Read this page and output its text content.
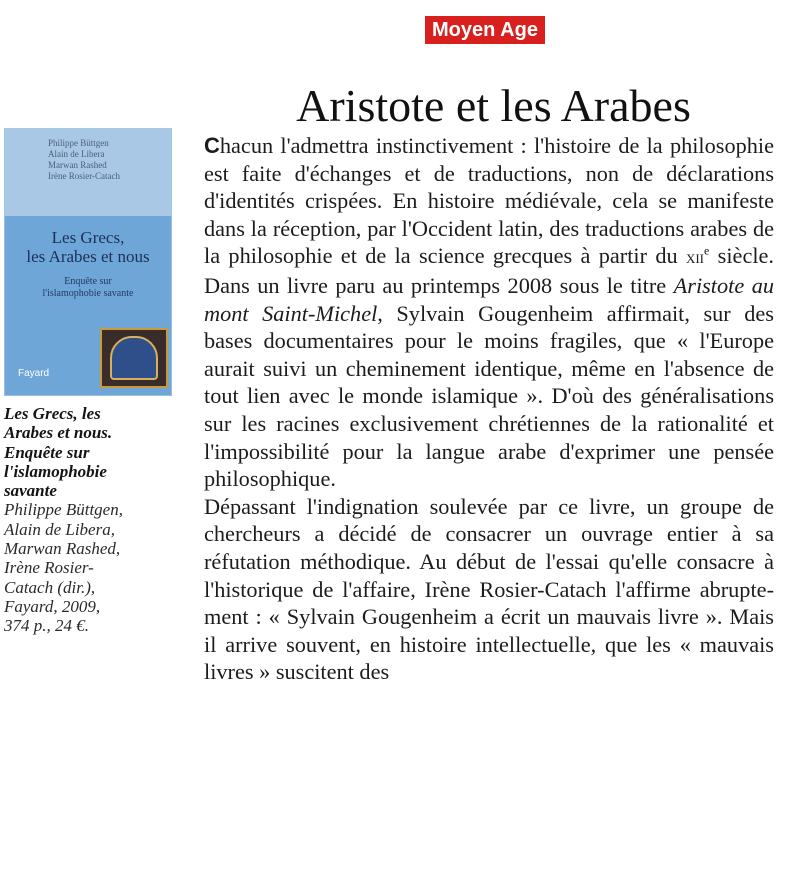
Moyen Age
Aristote et les Arabes
Philippe Büttgen
Alain de Libera
Marwan Rashed
Irène Rosier-Catach
Les Grecs,
les Arabes et nous
Enquête sur
l'islamophobie savante
Fayard
Les Grecs, les
Arabes et nous.
Enquête sur
l'islamophobie
savante
Philippe Büttgen,
Alain de Libera,
Marwan Rashed,
Irène Rosier-
Catach (dir.),
Fayard, 2009,
374 p., 24 €.

Chacun l'admettra instinctivement : l'histoire de la philosophie est faite d'échanges et de traductions, non de déclarations d'identités crispées. En histoire médiévale, cela se manifeste dans la réception, par l'Occident latin, des traductions arabes de la philosophie et de la science grecques à partir du xii$^e$ siècle. Dans un livre paru au printemps 2008 sous le titre Aristote au mont Saint-Michel, Sylvain Gougenheim affirmait, sur des bases documentaires pour le moins fragiles, que « l'Europe aurait suivi un cheminement identique, même en l'absence de tout lien avec le monde islamique ». D'où des généralisations sur les racines exclusivement chrétiennes de la rationalité et l'impossibilité pour la langue arabe d'exprimer une pensée philosophique.

Dépassant l'indignation soulevée par ce livre, un groupe de chercheurs a décidé de consacrer un ouvrage entier à sa réfutation méthodique. Au début de l'essai qu'elle consacre à l'historique de l'affaire, Irène Rosier-Catach l'affirme abruptement : « Sylvain Gougenheim a écrit un mauvais livre ». Mais il arrive souvent, en histoire intellectuelle, que les « mauvais livres » suscitent des
